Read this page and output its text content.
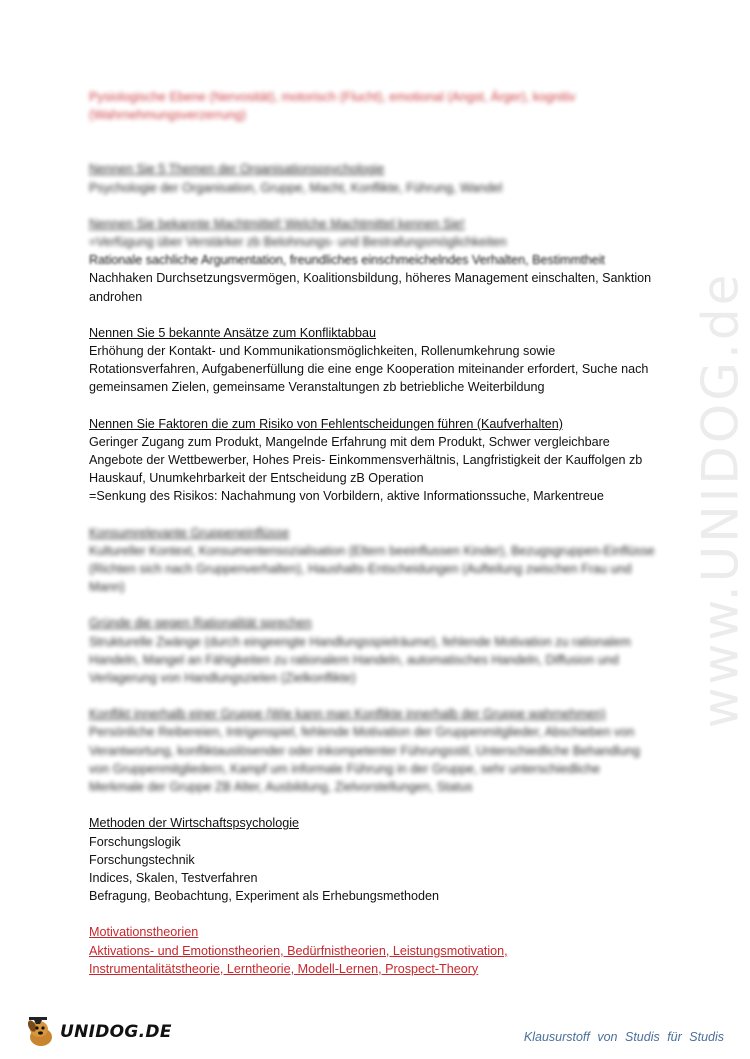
www.UNIDOG.de

Pysiologische Ebene (Nervosität), motorisch (Flucht), emotional (Angst, Ärger), kognitiv

(Wahrnehmungsverzerrung)

Nennen Sie 5 Themen der Organisationspsychologie

Psychologie der Organisation, Gruppe, Macht, Konflikte, Führung, Wandel

Nennen Sie bekannte Machtmittel! Welche Machtmittel kennen Sie!

=Verfügung über Verstärker zb Belohnungs- und Bestrafungsmöglichkeiten

Rationale sachliche Argumentation, freundliches einschmeichelndes Verhalten, Bestimmtheit

Nachhaken Durchsetzungsvermögen, Koalitionsbildung, höheres Management einschalten, Sanktion

androhen

Nennen Sie 5 bekannte Ansätze zum Konfliktabbau

Erhöhung der Kontakt- und Kommunikationsmöglichkeiten, Rollenumkehrung sowie

Rotationsverfahren, Aufgabenerfüllung die eine enge Kooperation miteinander erfordert, Suche nach

gemeinsamen Zielen, gemeinsame Veranstaltungen zb betriebliche Weiterbildung

Nennen Sie Faktoren die zum Risiko von Fehlentscheidungen führen (Kaufverhalten)

Geringer Zugang zum Produkt, Mangelnde Erfahrung mit dem Produkt, Schwer vergleichbare

Angebote der Wettbewerber, Hohes Preis- Einkommensverhältnis, Langfristigkeit der Kauffolgen zb

Hauskauf, Unumkehrbarkeit der Entscheidung zB Operation

=Senkung des Risikos: Nachahmung von Vorbildern, aktive Informationssuche, Markentreue

Konsumrelevante Gruppeneinflüsse

Kultureller Kontext, Konsumentensozialisation (Eltern beeinflussen Kinder), Bezugsgruppen-Einflüsse

(Richten sich nach Gruppenverhalten), Haushalts-Entscheidungen (Aufteilung zwischen Frau und

Mann)

Gründe die gegen Rationalität sprechen

Strukturelle Zwänge (durch eingeengte Handlungsspielräume), fehlende Motivation zu rationalem

Handeln, Mangel an Fähigkeiten zu rationalem Handeln, automatisches Handeln, Diffusion und

Verlagerung von Handlungszielen (Zielkonflikte)

Konflikt innerhalb einer Gruppe (Wie kann man Konflikte innerhalb der Gruppe wahrnehmen)

Persönliche Reibereien, Intrigenspiel, fehlende Motivation der Gruppenmitglieder, Abschieben von

Verantwortung, konfliktauslösender oder inkompetenter Führungsstil, Unterschiedliche Behandlung

von Gruppenmitgliedern, Kampf um informale Führung in der Gruppe, sehr unterschiedliche

Merkmale der Gruppe ZB Alter, Ausbildung, Zielvorstellungen, Status

Methoden der Wirtschaftspsychologie

Forschungslogik

Forschungstechnik

Indices, Skalen, Testverfahren

Befragung, Beobachtung, Experiment als Erhebungsmethoden

Motivationstheorien

Aktivations- und Emotionstheorien, Bedürfnistheorien, Leistungsmotivation,

Instrumentalitätstheorie, Lerntheorie, Modell-Lernen, Prospect-Theory

UNIDOG.DE	Klausurstoff von Studis für Studis
